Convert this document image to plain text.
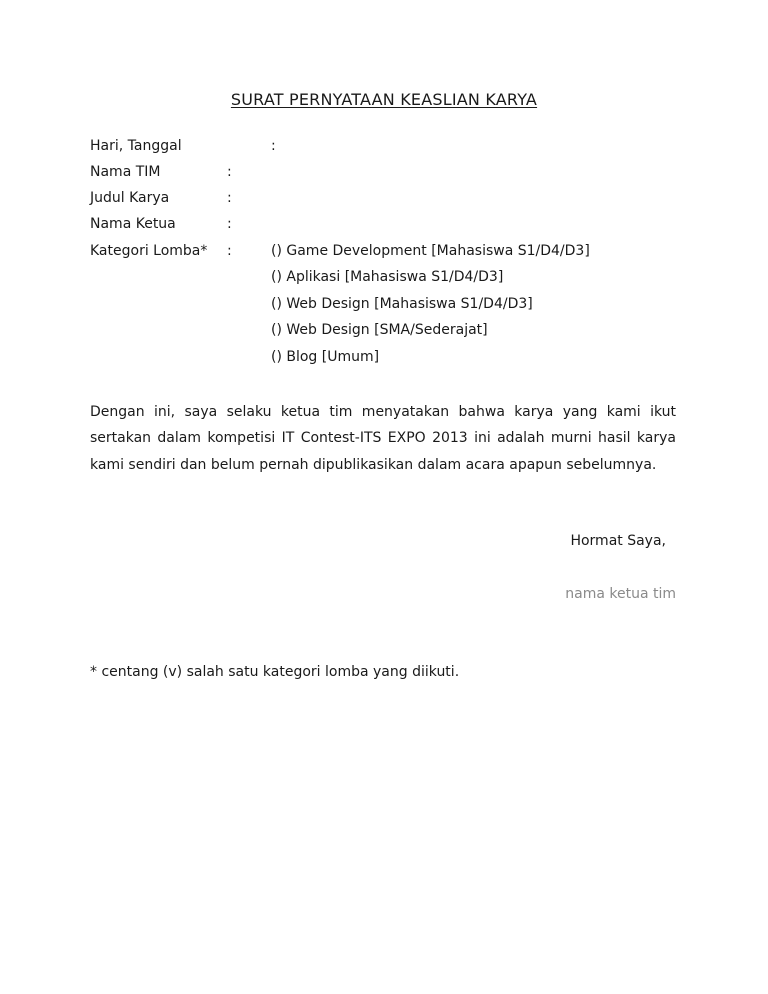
SURAT PERNYATAAN KEASLIAN KARYA
Hari, Tanggal	:
Nama TIM	:
Judul Karya	:
Nama Ketua	:
Kategori Lomba* :	() Game Development [Mahasiswa S1/D4/D3]
() Aplikasi [Mahasiswa S1/D4/D3]
() Web Design [Mahasiswa S1/D4/D3]
() Web Design [SMA/Sederajat]
() Blog [Umum]

Dengan ini, saya selaku ketua tim menyatakan bahwa karya yang kami ikut sertakan dalam kompetisi IT Contest-ITS EXPO 2013 ini adalah murni hasil karya kami sendiri dan belum pernah dipublikasikan dalam acara apapun sebelumnya.

Hormat Saya,
nama ketua tim
* centang (v) salah satu kategori lomba yang diikuti.
